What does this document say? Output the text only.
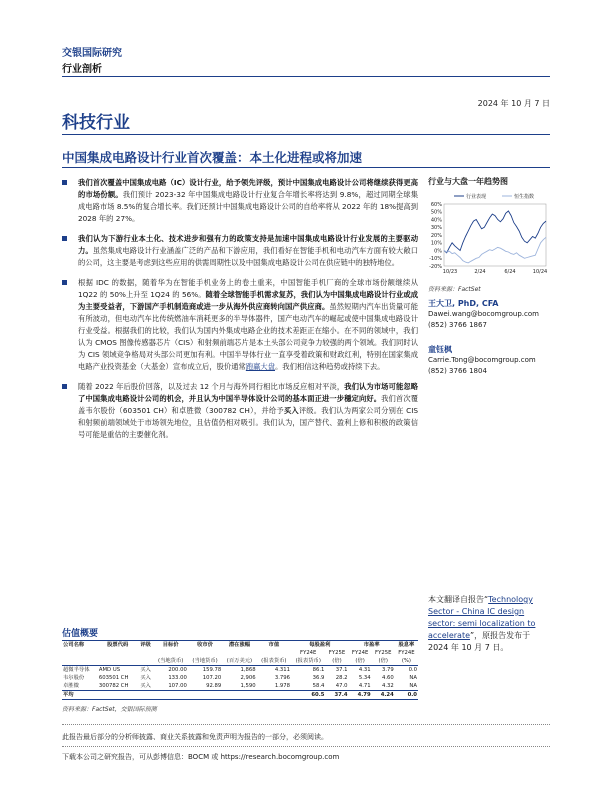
交银国际研究
行业剖析
2024 年 10 月 7 日
科技行业
中国集成电路设计行业首次覆盖：本土化进程或将加速
我们首次覆盖中国集成电路（IC）设计行业，给予领先评级，预计中国集成电路设计公司将继续获得更高的市场份额。我们预计 2023-32 年中国集成电路设计行业复合年增长率将达到 9.8%，超过同期全球集成电路市场 8.5%的复合增长率。我们还预计中国集成电路设计公司的自给率将从 2022 年的 18%提高到 2028 年的 27%。
我们认为下游行业本土化、技术进步和强有力的政策支持是加速中国集成电路设计行业发展的主要驱动力。虽然集成电路设计行业涵盖广泛的产品和下游应用，我们看好在智能手机和电动汽车方面有较大敞口的公司，这主要是考虑到这些应用的供需周期性以及中国集成电路设计公司在供应链中的独特地位。
根据 IDC 的数据，随着华为在智能手机业务上的卷土重来，中国智能手机厂商的全球市场份额继续从 1Q22 的 50%上升至 1Q24 的 56%。随着全球智能手机需求复苏，我们认为中国集成电路设计行业或成为主要受益者，下游国产手机制造商或进一步从海外供应商转向国产供应商。虽然短期内汽车出货量可能有所波动，但电动汽车比传统燃油车消耗更多的半导体器件，国产电动汽车的崛起或使中国集成电路设计行业受益。根据我们的比较，我们认为国内外集成电路企业的技术差距正在缩小。在不同的领域中，我们认为 CMOS 图像传感器芯片（CIS）和射频前端芯片是本土头部公司竞争力较强的两个领域。我们同时认为 CIS 领域竞争格局对头部公司更加有利。中国半导体行业一直享受着政策和财政红利，特别在国家集成电路产业投资基金（大基金）宣布成立后，股价通常跑赢大盘。我们相信这种趋势或持续下去。
随着 2022 年后股价回落，以及过去 12 个月与海外同行相比市场反应相对平淡，我们认为市场可能忽略了中国集成电路设计公司的机会，并且认为中国半导体设计公司的基本面正进一步穩定向好。我们首次覆盖韦尔股份（603501 CH）和卓胜微（300782 CH），并给予买入评级。我们认为两家公司分别在 CIS 和射频前端领域处于市场领先地位，且估值仍相对吸引。我们认为，国产替代、盈利上修和积极的政策信号可能是重估的主要催化剂。
行业与大盘一年趋势图
行业表现	恒生指数
-20%
-10%
0%
10%
20%
30%
40%
50%
60%
10/23	2/24	6/24	10/24
资料来源：FactSet
王大卫, PhD, CFA
Dawei.wang@bocomgroup.com
(852) 3766 1867
童钰枫
Carrie.Tong@bocomgroup.com
(852) 3766 1804
本文翻译自报告“Technology Sector - China IC design sector: semi localization to accelerate”，原报告发布于 2024 年 10 月 7 日。
估值概要
公司名称	股票代码	评级	目标价	收市价	潜在涨幅	市值	每股盈利		市盈率		股息率
							FY24E	FY25E	FY24E	FY25E	FY24E
			(当地货币)	(当地货币)	(百万美元)	(报表货币)	(报表货币)	(倍)	(倍)	(倍)	(%)
超微半导体	AMD US	买入	200.00	159.78	1,868	4.311	86.1	37.1	4.31	3.79	0.0
韦尔股份	603501 CH	买入	133.00	107.20	2,906	3.796	36.9	28.2	5.34	4.60	NA
卓胜微	300782 CH	买入	107.00	92.89	1,590	1.978	58.4	47.0	4.71	4.32	NA
平均							60.5	37.4	4.79	4.24	0.0
资料来源：FactSet，交银国际预测
此报告最后部分的分析师披露、商业关系披露和免责声明为报告的一部分，必须阅读。
下载本公司之研究报告，可从彭博信息：BOCM 或 https://research.bocomgroup.com
